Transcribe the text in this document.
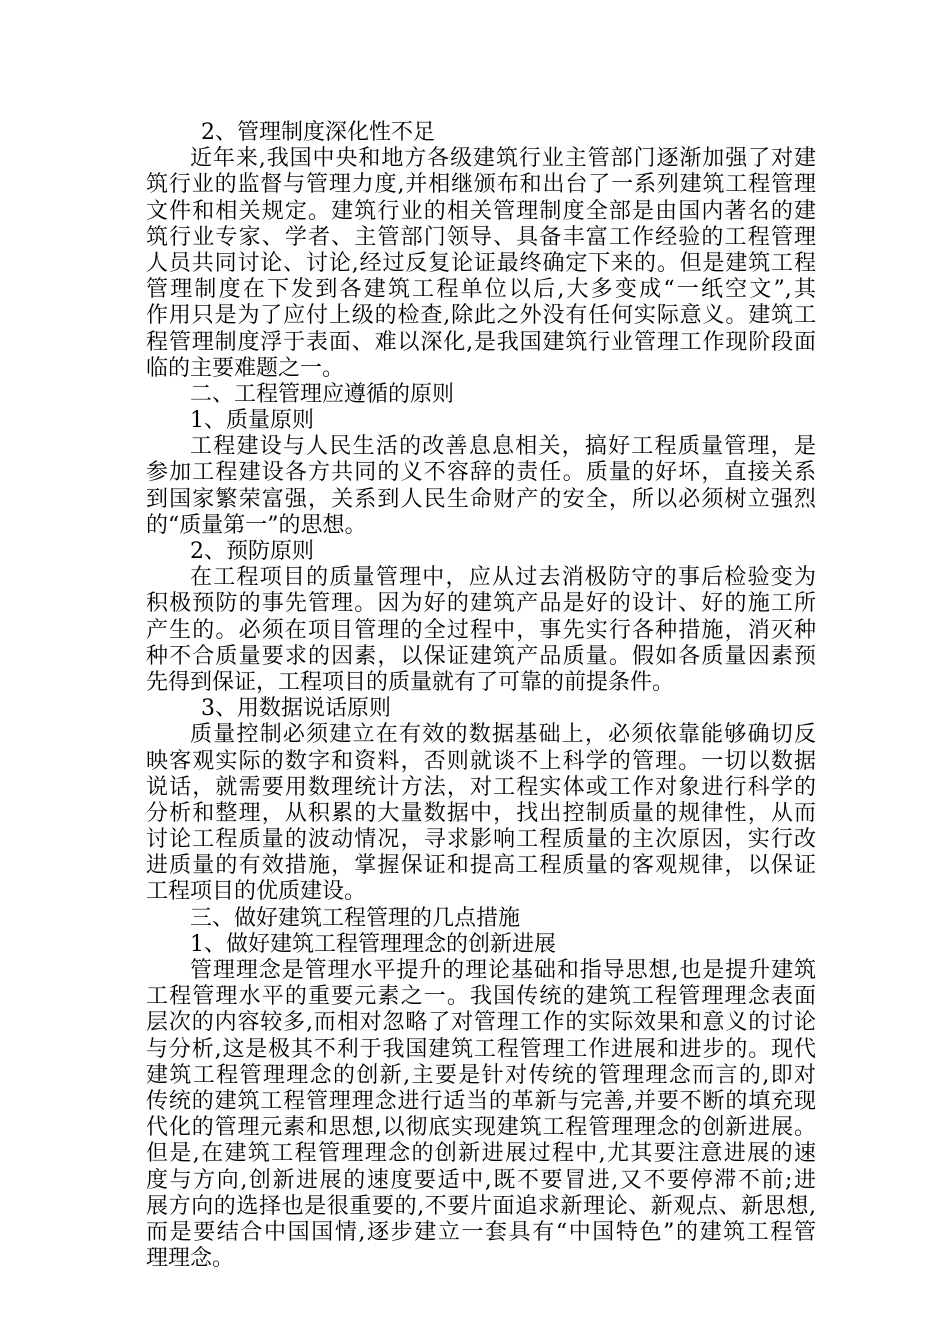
2、管理制度深化性不足
近年来,我国中央和地方各级建筑行业主管部门逐渐加强了对建
筑行业的监督与管理力度,并相继颁布和出台了一系列建筑工程管理
文件和相关规定。建筑行业的相关管理制度全部是由国内著名的建
筑行业专家、学者、主管部门领导、具备丰富工作经验的工程管理
人员共同讨论、讨论,经过反复论证最终确定下来的。但是建筑工程
管理制度在下发到各建筑工程单位以后,大多变成“一纸空文”,其
作用只是为了应付上级的检查,除此之外没有任何实际意义。建筑工
程管理制度浮于表面、难以深化,是我国建筑行业管理工作现阶段面
临的主要难题之一。
二、工程管理应遵循的原则
1、质量原则
工程建设与人民生活的改善息息相关，搞好工程质量管理，是
参加工程建设各方共同的义不容辞的责任。质量的好坏，直接关系
到国家繁荣富强，关系到人民生命财产的安全，所以必须树立强烈
的“质量第一”的思想。
2、预防原则
在工程项目的质量管理中，应从过去消极防守的事后检验变为
积极预防的事先管理。因为好的建筑产品是好的设计、好的施工所
产生的。必须在项目管理的全过程中，事先实行各种措施，消灭种
种不合质量要求的因素，以保证建筑产品质量。假如各质量因素预
先得到保证，工程项目的质量就有了可靠的前提条件。
3、用数据说话原则
质量控制必须建立在有效的数据基础上，必须依靠能够确切反
映客观实际的数字和资料，否则就谈不上科学的管理。一切以数据
说话，就需要用数理统计方法，对工程实体或工作对象进行科学的
分析和整理，从积累的大量数据中，找出控制质量的规律性，从而
讨论工程质量的波动情况，寻求影响工程质量的主次原因，实行改
进质量的有效措施，掌握保证和提高工程质量的客观规律，以保证
工程项目的优质建设。
三、做好建筑工程管理的几点措施
1、做好建筑工程管理理念的创新进展
管理理念是管理水平提升的理论基础和指导思想,也是提升建筑
工程管理水平的重要元素之一。我国传统的建筑工程管理理念表面
层次的内容较多,而相对忽略了对管理工作的实际效果和意义的讨论
与分析,这是极其不利于我国建筑工程管理工作进展和进步的。现代
建筑工程管理理念的创新,主要是针对传统的管理理念而言的,即对
传统的建筑工程管理理念进行适当的革新与完善,并要不断的填充现
代化的管理元素和思想,以彻底实现建筑工程管理理念的创新进展。
但是,在建筑工程管理理念的创新进展过程中,尤其要注意进展的速
度与方向,创新进展的速度要适中,既不要冒进,又不要停滞不前;进
展方向的选择也是很重要的,不要片面追求新理论、新观点、新思想,
而是要结合中国国情,逐步建立一套具有“中国特色”的建筑工程管
理理念。
